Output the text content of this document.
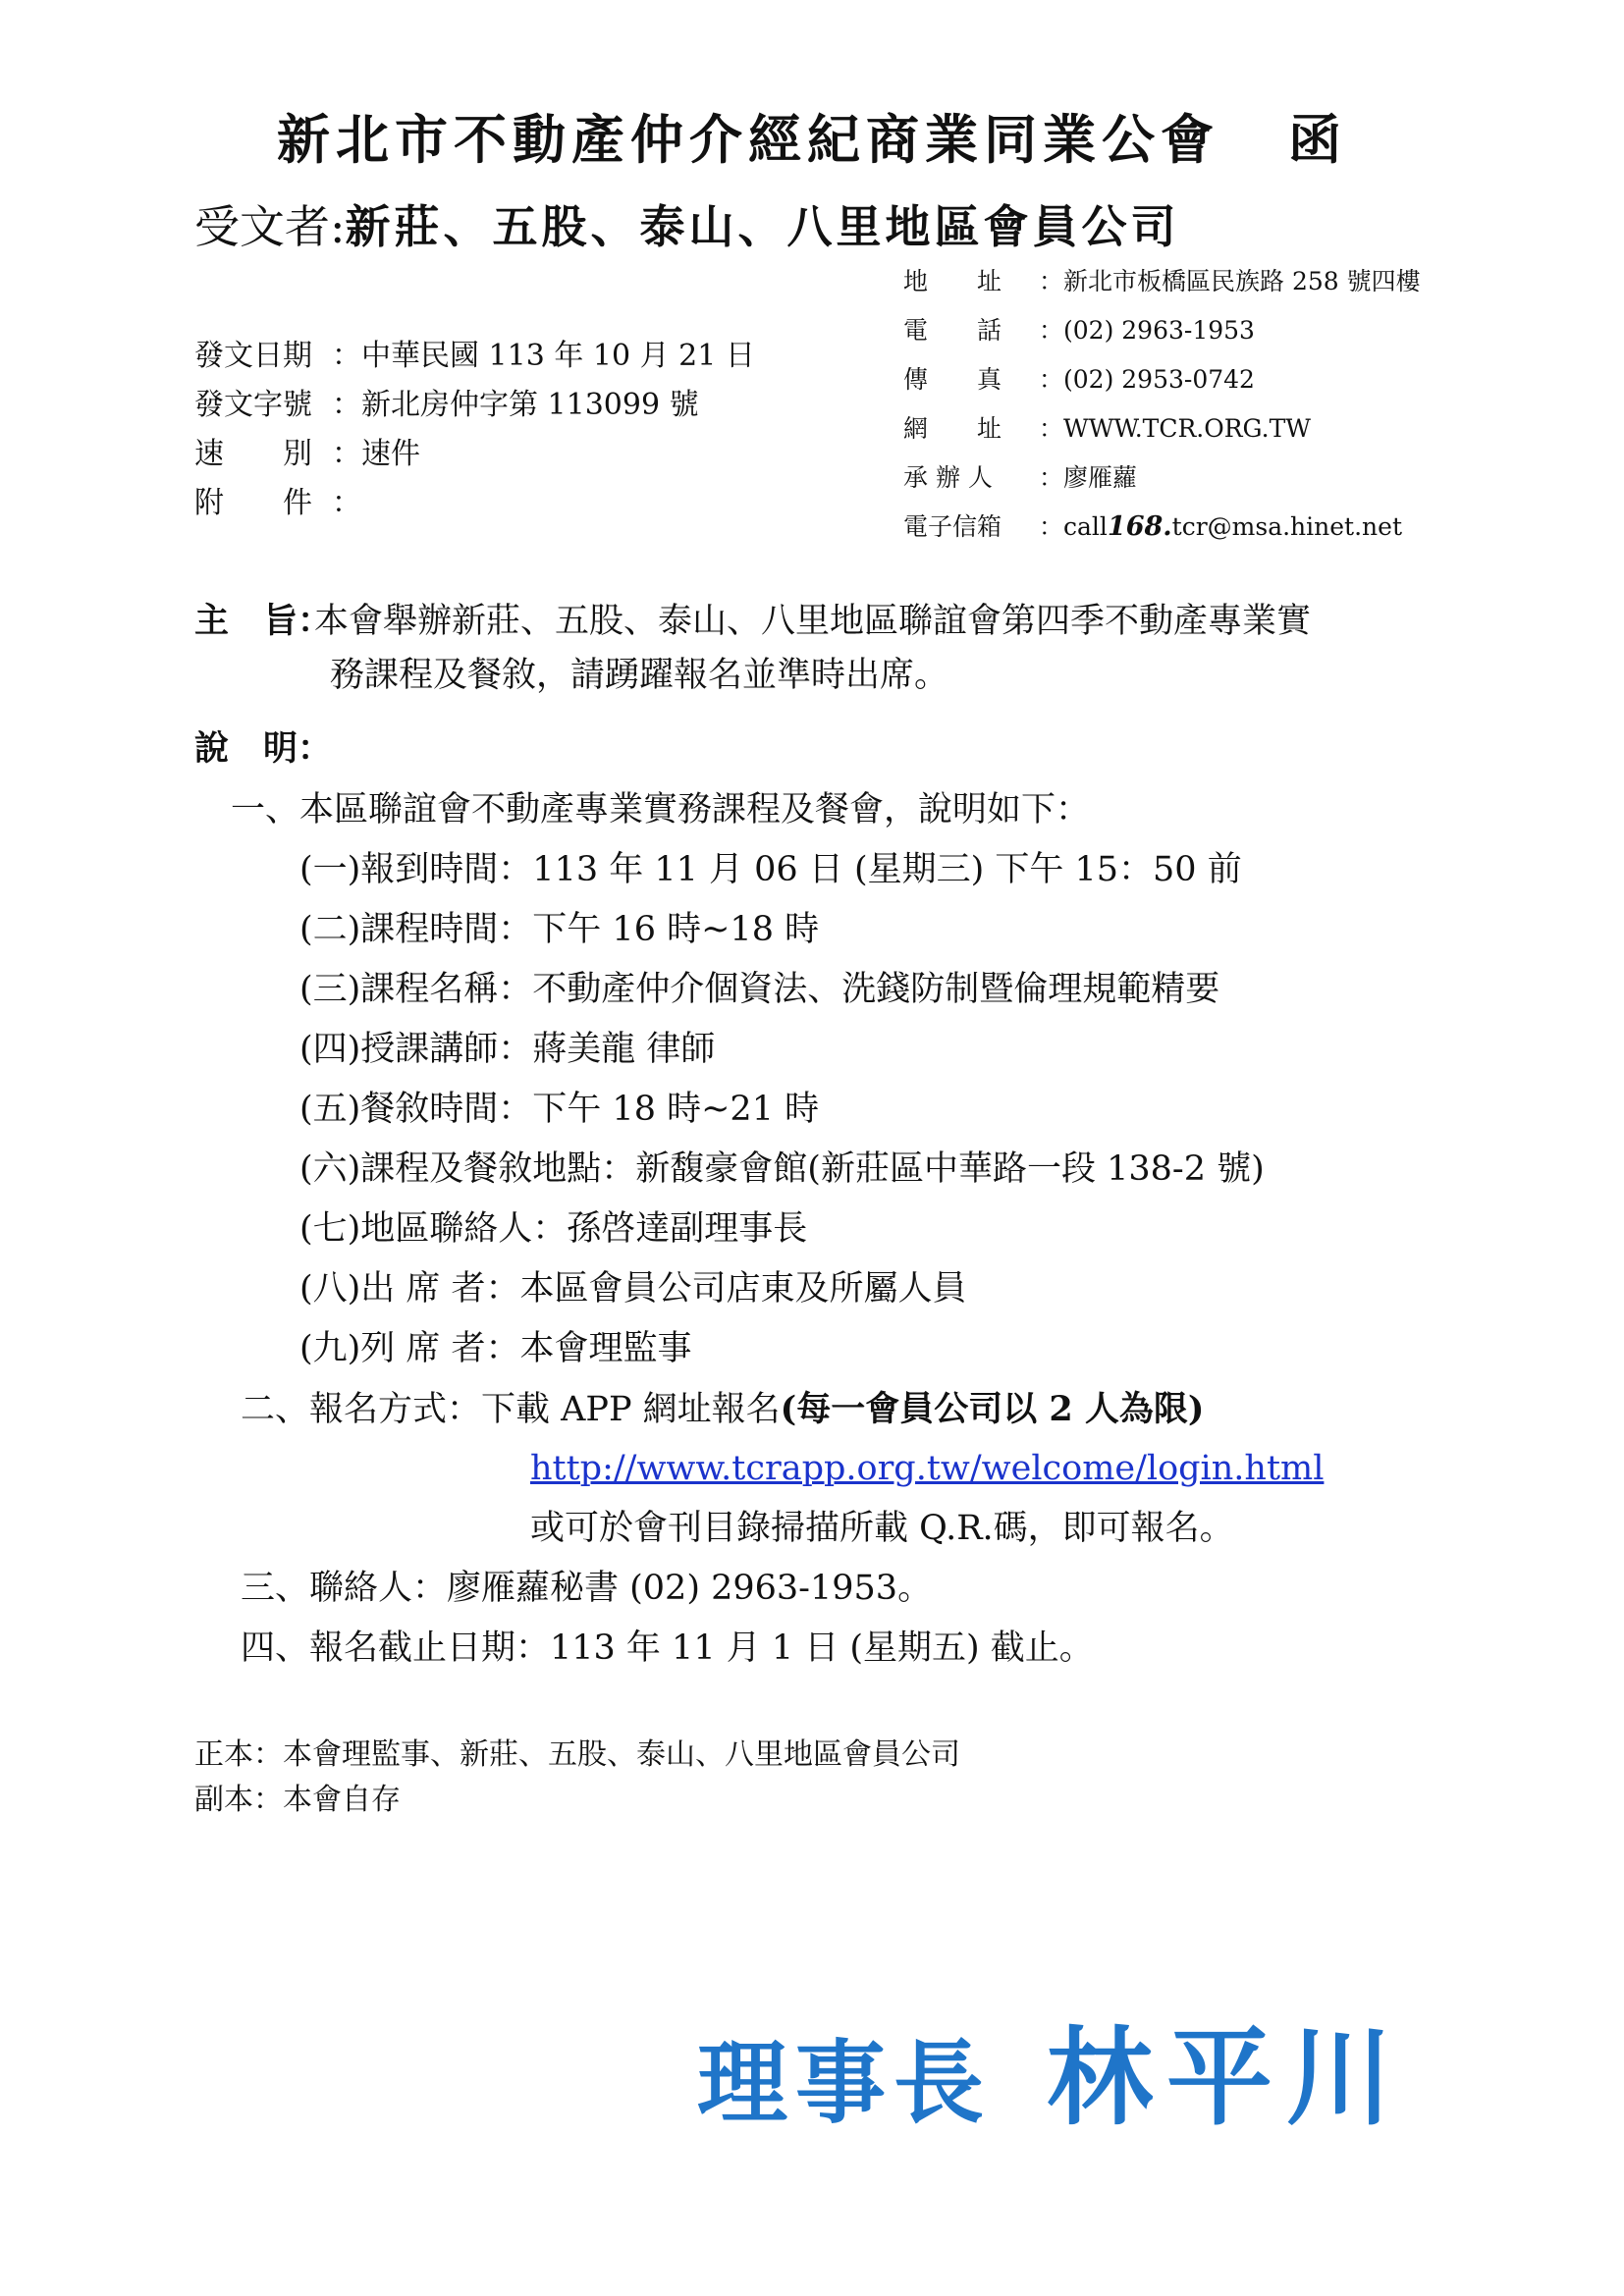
新北市不動產仲介經紀商業同業公會 函
受文者:新莊、五股、泰山、八里地區會員公司
地　　址 ：新北市板橋區民族路 258 號四樓
電　　話 ：(02) 2963-1953
傳　　真 ：(02) 2953-0742
網　　址 ：WWW.TCR.ORG.TW
承 辦 人 ：廖雁蘿
電子信箱 ：call168.tcr@msa.hinet.net
發文日期 ：中華民國 113 年 10 月 21 日
發文字號 ：新北房仲字第 113099 號
速　　別 ：速件
附　　件 ：
主　旨：本會舉辦新莊、五股、泰山、八里地區聯誼會第四季不動產專業實
務課程及餐敘，請踴躍報名並準時出席。
說　明：
一、本區聯誼會不動產專業實務課程及餐會，說明如下：
(一)報到時間：113 年 11 月 06 日 (星期三) 下午 15：50 前
(二)課程時間：下午 16 時~18 時
(三)課程名稱：不動產仲介個資法、洗錢防制暨倫理規範精要
(四)授課講師：蔣美龍 律師
(五)餐敘時間：下午 18 時~21 時
(六)課程及餐敘地點：新馥豪會館(新莊區中華路一段 138-2 號)
(七)地區聯絡人：孫啓達副理事長
(八)出 席 者：本區會員公司店東及所屬人員
(九)列 席 者：本會理監事
二、報名方式：下載 APP 網址報名(每一會員公司以 2 人為限)
http://www.tcrapp.org.tw/welcome/login.html
或可於會刊目錄掃描所載 Q.R.碼，即可報名。
三、聯絡人：廖雁蘿秘書 (02) 2963-1953。
四、報名截止日期：113 年 11 月 1 日 (星期五) 截止。
正本：本會理監事、新莊、五股、泰山、八里地區會員公司
副本：本會自存
理事長 林平川
